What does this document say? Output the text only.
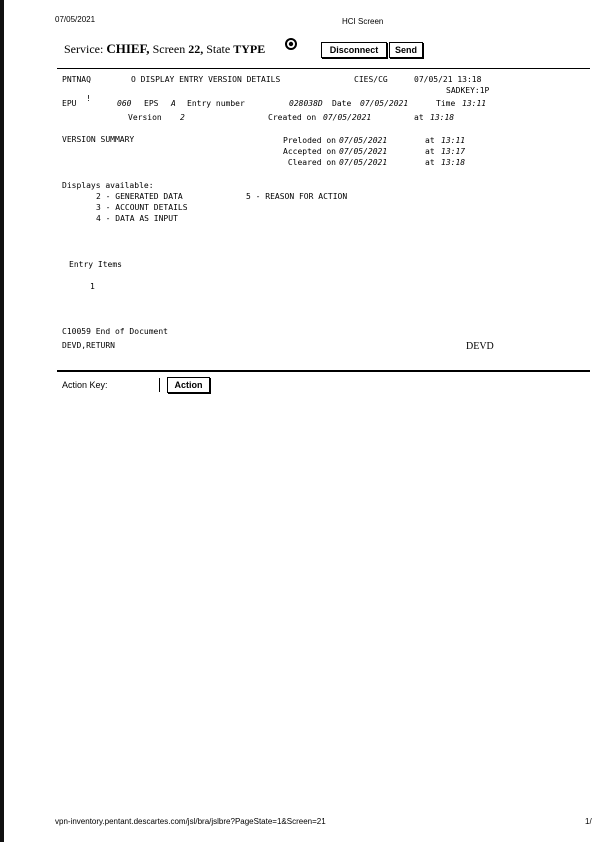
07/05/2021	HCI Screen
Service: CHIEF, Screen 22, State TYPE	Disconnect	Send
PNTNAQ	O DISPLAY ENTRY VERSION DETAILS	CIES/CG	07/05/21 13:18
SADKEY:1P
EPU
!
060 EPS A Entry number	028038D Date 07/05/2021	Time 13:11
Version 2	Created on 07/05/2021	at 13:18
VERSION SUMMARY	Preloded on 07/05/2021	at 13:11
Accepted on 07/05/2021	at 13:17
Cleared on 07/05/2021	at 13:18
Displays available:
2 - GENERATED DATA
3 - ACCOUNT DETAILS
4 - DATA AS INPUT
5 - REASON FOR ACTION
Entry Items
1
C10059 End of Document
DEVD,RETURN	DEVD
Action Key:	Action
vpn-inventory.pentant.descartes.com/jsl/bra/jslbre?PageState=1&Screen=21	1/
